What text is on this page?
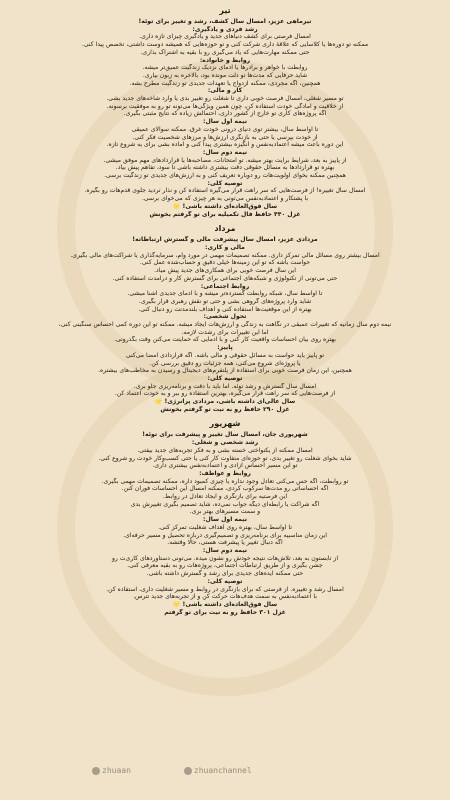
تیر
تیرماهی عزیز، امسال سال کشف، رشد و تغییر برای توئه!
رشد فردی و یادگیری:
امسال فرصتی برای کشف دنیاهای جدید و یادگیری چیزای تازه داری.
ممکنه تو دوره‌ها یا کلاسایی که علاقهٔ داری شرکت کنی و تو حوزه‌هایی که همیشه دوست داشتی، تخصص پیدا کنی.
حتی ممکنه مهارت‌هایی که یاد می‌گیری رو با بقیه به اشتراک بذاری.
روابط و خانواده:
روابطت با خواهر و برادرها یا آدمای نزدیک زندگیت عمیق‌تر میشه.
شاید حرفایی که مدت‌ها تو دلت مونده بود، بالاخره به زبون بیاری.
همچنین، اگه مجردی، ممکنه ازدواج یا تعهدات جدیدی تو زندگیت مطرح بشه.
کار و مالی:
تو مسیر شغلی، امسال فرصت خوبی داری تا شغلت رو تغییر بدی یا وارد شاخه‌های جدید بشی.
از خلاقیت و آمادگی خودت استفاده کن، چون همین ویژگی‌ها می‌تونه تو رو به موفقیت برسونه.
اگه پروژه‌های کاری تو خارج از کشور داری، احتمالش زیاده که نتایج مثبتی بگیری.
نیمه اول سال:
تا اواسط سال، بیشتر توی دنیای درونی خودت غرق. ممکنه سوالای عمیقی
از خودت بپرسی یا حتی به بازنگری ارزش‌ها و مرزهای شخصیت فکر کنی.
این دوره باعث میشه اعتمادبه‌نفس و انگیزه بیشتری پیدا کنی و آماده بشی برای یه شروع تازه.
نیمه دوم سال:
از پاییز به بعد، شرایط برایت بهتر میشه. تو امتحانات، مصاحبه‌ها یا قراردادهای مهم موفق میشی.
بهتره تو قراردادها به مسائل حقوقی دقت بیشتری داشته باشی تا سود، تفاهم پیش بیاد.
همچنین ممکنه بخوای اولویت‌هات رو دوباره تعریف کنی و به ارزش‌های جدیدی تو زندگیت برسی.
توصیه کلی:
امسال سال تغییره! از فرصت‌هایی که سر راهت قرار می‌گیره استفاده کن و نذار تردید جلوی قدم‌هات رو بگیره.
با پشتکار و اعتمادبه‌نفس می‌تونی به هر چیزی که می‌خوای برسی.
سال فوق‌العاده‌ای داشته باشی! 🌟
غزل ۴۴۰ حافظ فال تکمیلیه برای تو گرفتم بخونش
مرداد
مردادی عزیز، امسال سال پیشرفت مالی و گسترش ارتباطاته!
مالی و کاری:
امسال بیشتر روی مسائل مالی تمرکز داری. ممکنه تصمیمات مهمی در مورد وام، سرمایه‌گذاری یا شراکت‌های مالی بگیری.
حواست باشه که تو این زمینه‌ها خیلی دقیق و حساب‌شده عمل کنی.
این سال فرصت خوبی برای همکاری‌های جدید پیش میاد.
حتی می‌تونی از تکنولوژی و شبکه‌های اجتماعی برای گسترش کار و درآمدت استفاده کنی.
روابط اجتماعی:
تا اواسط سال، شبکه روابطت گسترده‌تر میشه و با آدمای جدیدی آشنا میشی.
شاید وارد پروژه‌های گروهی بشی و حتی تو نقش رهبری قرار بگیری.
بهتره از این موقعیت‌ها استفاده کنی و اهداف بلندمدتت رو دنبال کنی.
تحول شخصی:
نیمه دوم سال زمانیه که تغییرات عمیقی در نگاهت به زندگی و ارزش‌هات ایجاد میشه. ممکنه تو این دوره کمی احساس سنگینی کنی،
اما این تغییرات برای رشدت لازمه.
بهتره روی بیان احساسات واقعیت کار کنی و با آدمایی که حمایتت می‌کنن وقت بگذرونی.
پاییز:
تو پاییز باید حواست به مسائل حقوقی و مالی باشه. اگه قراردادی امضا می‌کنی
یا پروژه‌ای شروع می‌کنی، همه جزئیات رو دقیق بررسی کن.
همچنین، این زمان فرصت خوبی برای استفاده از پلتفرم‌های دیجیتال و رسیدن به مخاطب‌های بیشتره.
توصیه کلی:
امسال سال گسترش و رشد توئه. اما باید با دقت و برنامه‌ریزی جلو بری.
از فرصت‌هایی که سر راهت قرار می‌گیره، بهترین استفاده رو ببر و به خودت اعتماد کن.
سال عالی‌ای داشته باشی، مردادی پرانرژی! 🌟
غزل ۲۹۰ حافظ رو به نیت تو گرفتم بخونش
شهریور
شهریوری جان، امسال سال تغییر و پیشرفت برای توئه!
رشد شخصی و شغلی:
امسال ممکنه از یکنواختی خسته بشی و به فکر تجربه‌های جدید بیفتی.
شاید بخوای شغلت رو تغییر بدی، تو حوزه‌ای متفاوت کار کنی یا حتی کسب‌وکار خودت رو شروع کنی.
تو این مسیر احساس آزادی و اعتمادبه‌نفس بیشتری داری.
روابط و عواطف:
تو روابطت، اگه حس می‌کنی تعادل وجود نداره یا چیزی کمبود داره، ممکنه تصمیمات مهمی بگیری.
اگه احساساتی رو مدت‌ها سرکوب کردی، ممکنه امسال این احساسات فوران کنن.
این فرصتیه برای بازنگری و ایجاد تعادل در روابط.
اگه شراکت یا رابطه‌ای دیگه جواب نمی‌ده، شاید تصمیم بگیری تغییرش بدی
و سمت مسیرهای بهتر بری.
نیمه اول سال:
تا اواسط سال، بهتره روی اهداف شغلیت تمرکز کنی.
این زمان مناسبیه برای برنامه‌ریزی و تصمیم‌گیری درباره تحصیل و مسیر حرفه‌ای.
اگه دنبال تغییر یا پیشرفت هستی، حالا وقتشه.
نیمه دوم سال:
از تابستون به بعد، تلاش‌هات نتیجه خودش رو نشون میده. می‌تونی دستاوردهای کاری‌ت رو
جشن بگیری و از طریق ارتباطات اجتماعی، پروژه‌هات رو به بقیه معرفی کنی.
حتی ممکنه ایده‌های جدیدی برای رشد و گسترش داشته باشی.
توصیه کلی:
امسال رشد و تغییره. از فرصتی که برای بازنگری در روابط و مسیر شغلیت داری، استفاده کن.
با اعتمادبه‌نفس به سمت هدف‌هات حرکت کن و از تجربه‌های جدید نترس.
سال فوق‌العاده‌ای داشته باشی! 🌟
غزل ۳۰۱ حافظ رو به نیت برای تو گرفتم
zhuaan	zhuanchannel
